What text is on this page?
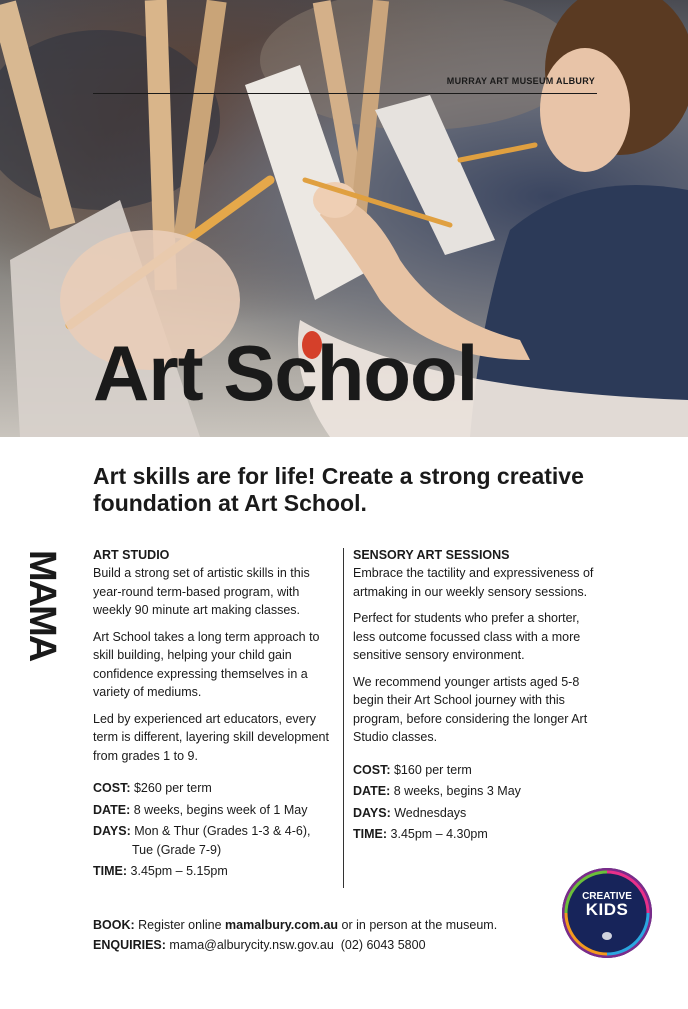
MURRAY ART MUSEUM ALBURY
Art School
Art skills are for life! Create a strong creative foundation at Art School.
MAMA ART STUDIO

Build a strong set of artistic skills in this year-round term-based program, with weekly 90 minute art making classes.

Art School takes a long term approach to skill building, helping your child gain confidence expressing themselves in a variety of mediums.

Led by experienced art educators, every term is different, layering skill development from grades 1 to 9.

COST: $260 per term
DATE: 8 weeks, begins week of 1 May
DAYS: Mon & Thur (Grades 1-3 & 4-6),
Tue (Grade 7-9)
TIME: 3.45pm – 5.15pm
SENSORY ART SESSIONS

Embrace the tactility and expressiveness of artmaking in our weekly sensory sessions.

Perfect for students who prefer a shorter, less outcome focussed class with a more sensitive sensory environment.

We recommend younger artists aged 5-8 begin their Art School journey with this program, before considering the longer Art Studio classes.

COST: $160 per term
DATE: 8 weeks, begins 3 May
DAYS: Wednesdays
TIME: 3.45pm – 4.30pm
BOOK: Register online mamalbury.com.au or in person at the museum.
ENQUIRIES: mama@alburycity.nsw.gov.au (02) 6043 5800
CREATIVE
KIDS
